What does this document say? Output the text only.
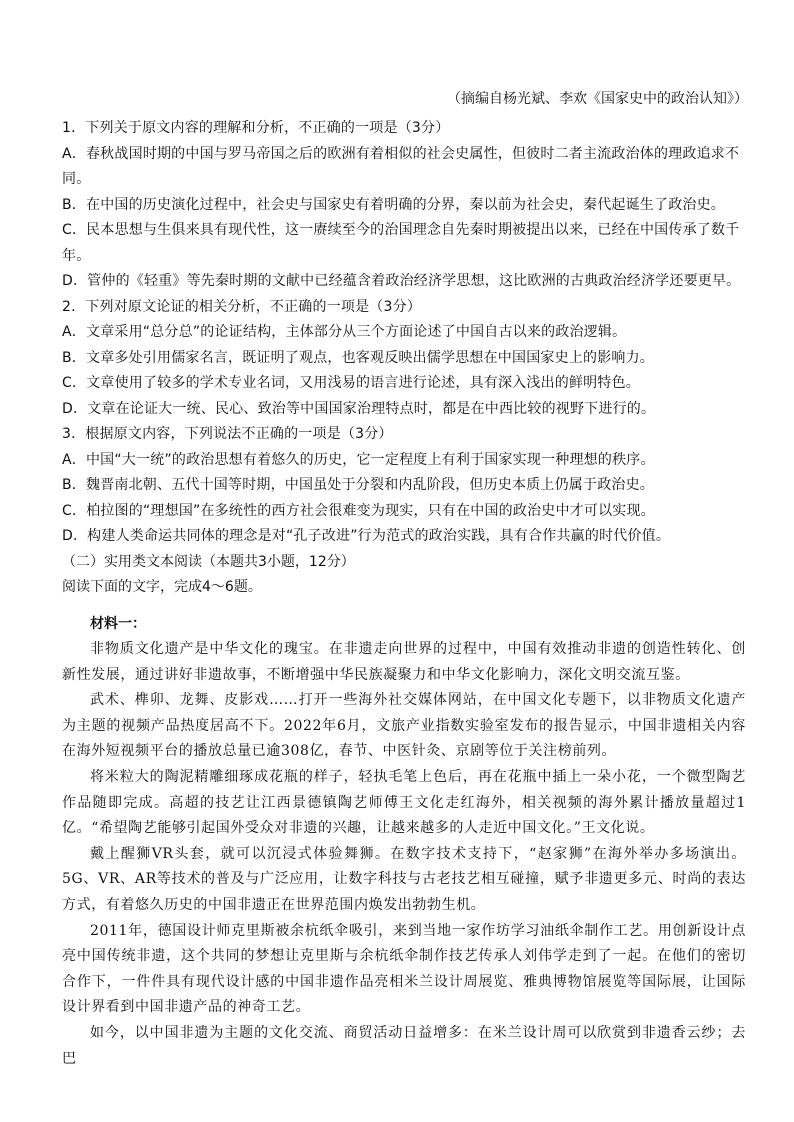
（摘编自杨光斌、李欢《国家史中的政治认知》）

1．下列关于原文内容的理解和分析，不正确的一项是（3分）

A．春秋战国时期的中国与罗马帝国之后的欧洲有着相似的社会史属性，但彼时二者主流政治体的理政追求不同。

B．在中国的历史演化过程中，社会史与国家史有着明确的分界，秦以前为社会史，秦代起诞生了政治史。

C．民本思想与生俱来具有现代性，这一赓续至今的治国理念自先秦时期被提出以来，已经在中国传承了数千年。

D．管仲的《轻重》等先秦时期的文献中已经蕴含着政治经济学思想，这比欧洲的古典政治经济学还要更早。

2．下列对原文论证的相关分析，不正确的一项是（3分）

A．文章采用“总分总”的论证结构，主体部分从三个方面论述了中国自古以来的政治逻辑。

B．文章多处引用儒家名言，既证明了观点，也客观反映出儒学思想在中国国家史上的影响力。

C．文章使用了较多的学术专业名词，又用浅易的语言进行论述，具有深入浅出的鲜明特色。

D．文章在论证大一统、民心、致治等中国国家治理特点时，都是在中西比较的视野下进行的。

3．根据原文内容，下列说法不正确的一项是（3分）

A．中国“大一统”的政治思想有着悠久的历史，它一定程度上有利于国家实现一种理想的秩序。

B．魏晋南北朝、五代十国等时期，中国虽处于分裂和内乱阶段，但历史本质上仍属于政治史。

C．柏拉图的“理想国”在多统性的西方社会很难变为现实，只有在中国的政治史中才可以实现。

D．构建人类命运共同体的理念是对“孔子改进”行为范式的政治实践，具有合作共赢的时代价值。

（二）实用类文本阅读（本题共3小题，12分）

阅读下面的文字，完成4～6题。

材料一：

非物质文化遗产是中华文化的瑰宝。在非遗走向世界的过程中，中国有效推动非遗的创造性转化、创新性发展，通过讲好非遗故事，不断增强中华民族凝聚力和中华文化影响力，深化文明交流互鉴。

武术、榫卯、龙舞、皮影戏……打开一些海外社交媒体网站，在中国文化专题下，以非物质文化遗产为主题的视频产品热度居高不下。2022年6月，文旅产业指数实验室发布的报告显示，中国非遗相关内容在海外短视频平台的播放总量已逾308亿，春节、中医针灸、京剧等位于关注榜前列。

将米粒大的陶泥精雕细琢成花瓶的样子，轻执毛笔上色后，再在花瓶中插上一朵小花，一个微型陶艺作品随即完成。高超的技艺让江西景德镇陶艺师傅王文化走红海外，相关视频的海外累计播放量超过1亿。“希望陶艺能够引起国外受众对非遗的兴趣，让越来越多的人走近中国文化。”王文化说。

戴上醒狮VR头套，就可以沉浸式体验舞狮。在数字技术支持下，“赵家狮”在海外举办多场演出。5G、VR、AR等技术的普及与广泛应用，让数字科技与古老技艺相互碰撞，赋予非遗更多元、时尚的表达方式，有着悠久历史的中国非遗正在世界范围内焕发出勃勃生机。

2011年，德国设计师克里斯被余杭纸伞吸引，来到当地一家作坊学习油纸伞制作工艺。用创新设计点亮中国传统非遗，这个共同的梦想让克里斯与余杭纸伞制作技艺传承人刘伟学走到了一起。在他们的密切合作下，一件件具有现代设计感的中国非遗作品亮相米兰设计周展览、雅典博物馆展览等国际展，让国际设计界看到中国非遗产品的神奇工艺。

如今，以中国非遗为主题的文化交流、商贸活动日益增多：在米兰设计周可以欣赏到非遗香云纱；去巴
